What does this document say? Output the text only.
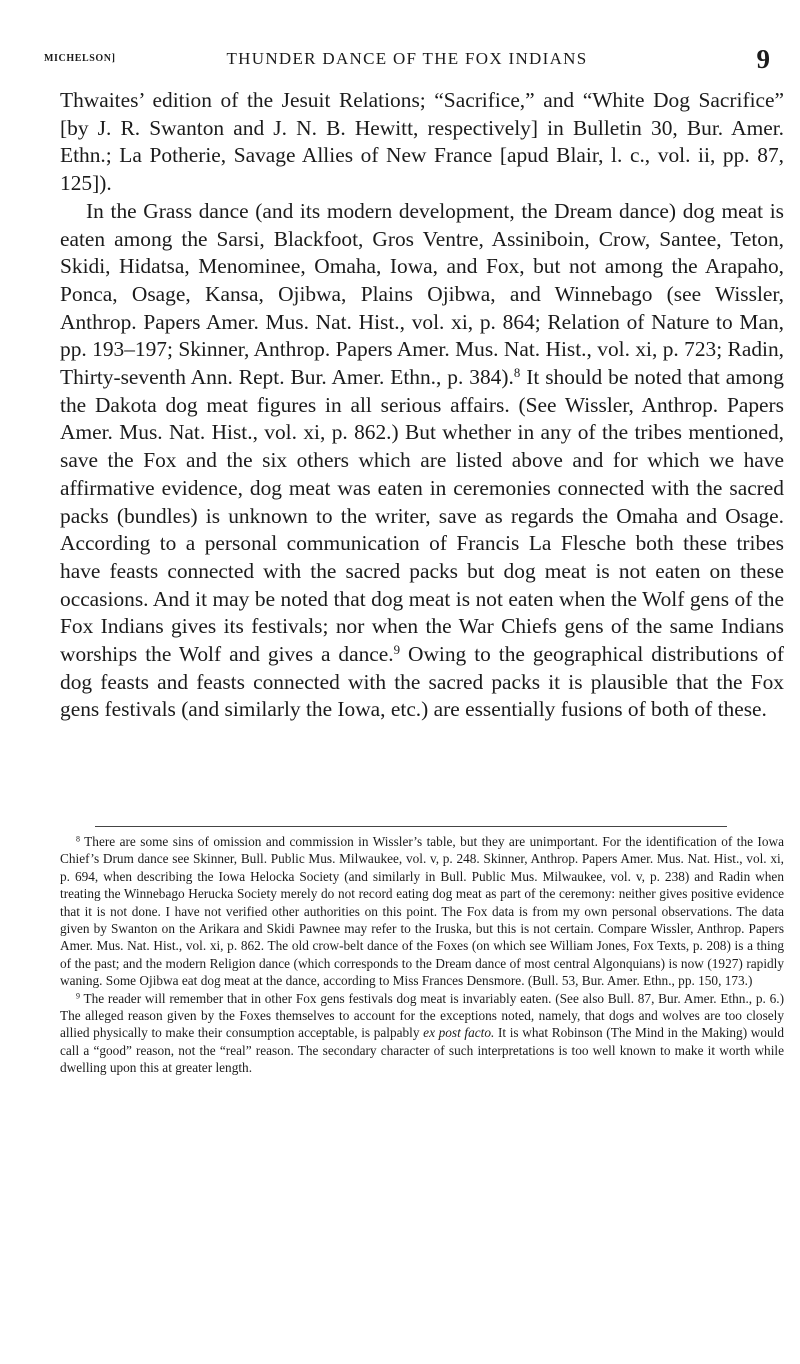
MICHELSON]	THUNDER DANCE OF THE FOX INDIANS	9

Thwaites’ edition of the Jesuit Relations; “Sacrifice,” and “White Dog Sacrifice” [by J. R. Swanton and J. N. B. Hewitt, respectively] in Bulletin 30, Bur. Amer. Ethn.; La Potherie, Savage Allies of New France [apud Blair, l. c., vol. ii, pp. 87, 125]).

In the Grass dance (and its modern development, the Dream dance) dog meat is eaten among the Sarsi, Blackfoot, Gros Ventre, Assiniboin, Crow, Santee, Teton, Skidi, Hidatsa, Menominee, Omaha, Iowa, and Fox, but not among the Arapaho, Ponca, Osage, Kansa, Ojibwa, Plains Ojibwa, and Winnebago (see Wissler, Anthrop. Papers Amer. Mus. Nat. Hist., vol. xi, p. 864; Relation of Nature to Man, pp. 193–197; Skinner, Anthrop. Papers Amer. Mus. Nat. Hist., vol. xi, p. 723; Radin, Thirty-seventh Ann. Rept. Bur. Amer. Ethn., p. 384).$^8$ It should be noted that among the Dakota dog meat figures in all serious affairs. (See Wissler, Anthrop. Papers Amer. Mus. Nat. Hist., vol. xi, p. 862.) But whether in any of the tribes mentioned, save the Fox and the six others which are listed above and for which we have affirmative evidence, dog meat was eaten in ceremonies connected with the sacred packs (bundles) is unknown to the writer, save as regards the Omaha and Osage. According to a personal communication of Francis La Flesche both these tribes have feasts connected with the sacred packs but dog meat is not eaten on these occasions. And it may be noted that dog meat is not eaten when the Wolf gens of the Fox Indians gives its festivals; nor when the War Chiefs gens of the same Indians worships the Wolf and gives a dance.$^9$ Owing to the geographical distributions of dog feasts and feasts connected with the sacred packs it is plausible that the Fox gens festivals (and similarly the Iowa, etc.) are essentially fusions of both of these.

$^8$ There are some sins of omission and commission in Wissler’s table, but they are unimportant. For the identification of the Iowa Chief’s Drum dance see Skinner, Bull. Public Mus. Milwaukee, vol. v, p. 248. Skinner, Anthrop. Papers Amer. Mus. Nat. Hist., vol. xi, p. 694, when describing the Iowa Helocka Society (and similarly in Bull. Public Mus. Milwaukee, vol. v, p. 238) and Radin when treating the Winnebago Herucka Society merely do not record eating dog meat as part of the ceremony: neither gives positive evidence that it is not done. I have not verified other authorities on this point. The Fox data is from my own personal observations. The data given by Swanton on the Arikara and Skidi Pawnee may refer to the Iruska, but this is not certain. Compare Wissler, Anthrop. Papers Amer. Mus. Nat. Hist., vol. xi, p. 862. The old crow-belt dance of the Foxes (on which see William Jones, Fox Texts, p. 208) is a thing of the past; and the modern Religion dance (which corresponds to the Dream dance of most central Algonquians) is now (1927) rapidly waning. Some Ojibwa eat dog meat at the dance, according to Miss Frances Densmore. (Bull. 53, Bur. Amer. Ethn., pp. 150, 173.)

$^9$ The reader will remember that in other Fox gens festivals dog meat is invariably eaten. (See also Bull. 87, Bur. Amer. Ethn., p. 6.) The alleged reason given by the Foxes themselves to account for the exceptions noted, namely, that dogs and wolves are too closely allied physically to make their consumption acceptable, is palpably ex post facto. It is what Robinson (The Mind in the Making) would call a “good” reason, not the “real” reason. The secondary character of such interpretations is too well known to make it worth while dwelling upon this at greater length.
